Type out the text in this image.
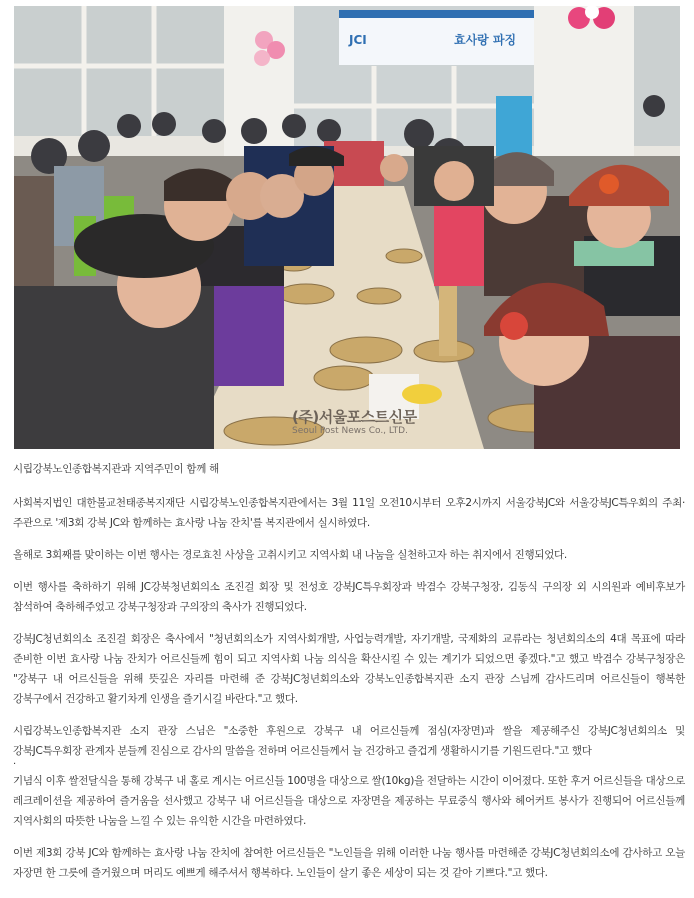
JCI	효사랑 파징
(주)서울포스트신문
Seoul Post News Co., LTD.

시립강북노인종합복지관과 지역주민이 함께 해

사회복지법인 대한불교천태종복지재단 시립강북노인종합복지관에서는 3월 11일 오전10시부터 오후2시까지 서울강북JC와 서울강북JC특우회의 주최·주관으로 '제3회 강북 JC와 함께하는 효사랑 나눔 잔치'를 복지관에서 실시하였다.

올해로 3회째를 맞이하는 이번 행사는 경로효친 사상을 고취시키고 지역사회 내 나눔을 실천하고자 하는 취지에서 진행되었다.

이번 행사를 축하하기 위해 JC강북청년회의소 조진걸 회장 및 전성호 강북JC특우회장과 박겸수 강북구청장, 김동식 구의장 외 시의원과 예비후보가 참석하여 축하해주었고 강북구청장과 구의장의 축사가 진행되었다.

강북JC청년회의소 조진걸 회장은 축사에서 "청년회의소가 지역사회개발, 사업능력개발, 자기개발, 국제화의 교류라는 청년회의소의 4대 목표에 따라 준비한 이번 효사랑 나눔 잔치가 어르신들께 힘이 되고 지역사회 나눔 의식을 확산시킬 수 있는 계기가 되었으면 좋겠다."고 했고 박겸수 강북구청장은 "강북구 내 어르신들을 위해 뜻깊은 자리를 마련해 준 강북JC청년회의소와 강북노인종합복지관 소지 관장 스님께 감사드리며 어르신들이 행복한 강북구에서 건강하고 활기차게 인생을 즐기시길 바란다."고 했다.

시립강북노인종합복지관 소지 관장 스님은 "소중한 후원으로 강북구 내 어르신들께 점심(자장면)과 쌀을 제공해주신 강북JC청년회의소 및 강북JC특우회장 관계자 분들께 진심으로 감사의 말씀을 전하며 어르신들께서 늘 건강하고 즐겁게 생활하시기를 기원드린다."고 했다

.

기념식 이후 쌀전달식을 통해 강북구 내 홀로 계시는 어르신들 100명을 대상으로 쌀(10kg)을 전달하는 시간이 이어졌다. 또한 후거 어르신들을 대상으로 레크레이션을 제공하여 즐거움을 선사했고 강북구 내 어르신들을 대상으로 자장면을 제공하는 무료중식 행사와 헤어커트 봉사가 진행되어 어르신들께 지역사회의 따뜻한 나눔을 느낄 수 있는 유익한 시간을 마련하였다.

이번 제3회 강북 JC와 함께하는 효사랑 나눔 잔치에 참여한 어르신들은 "노인들을 위해 이러한 나눔 행사를 마련해준 강북JC청년회의소에 감사하고 오늘 자장면 한 그릇에 즐거웠으며 머리도 예쁘게 해주셔서 행복하다. 노인들이 살기 좋은 세상이 되는 것 같아 기쁘다."고 했다.
